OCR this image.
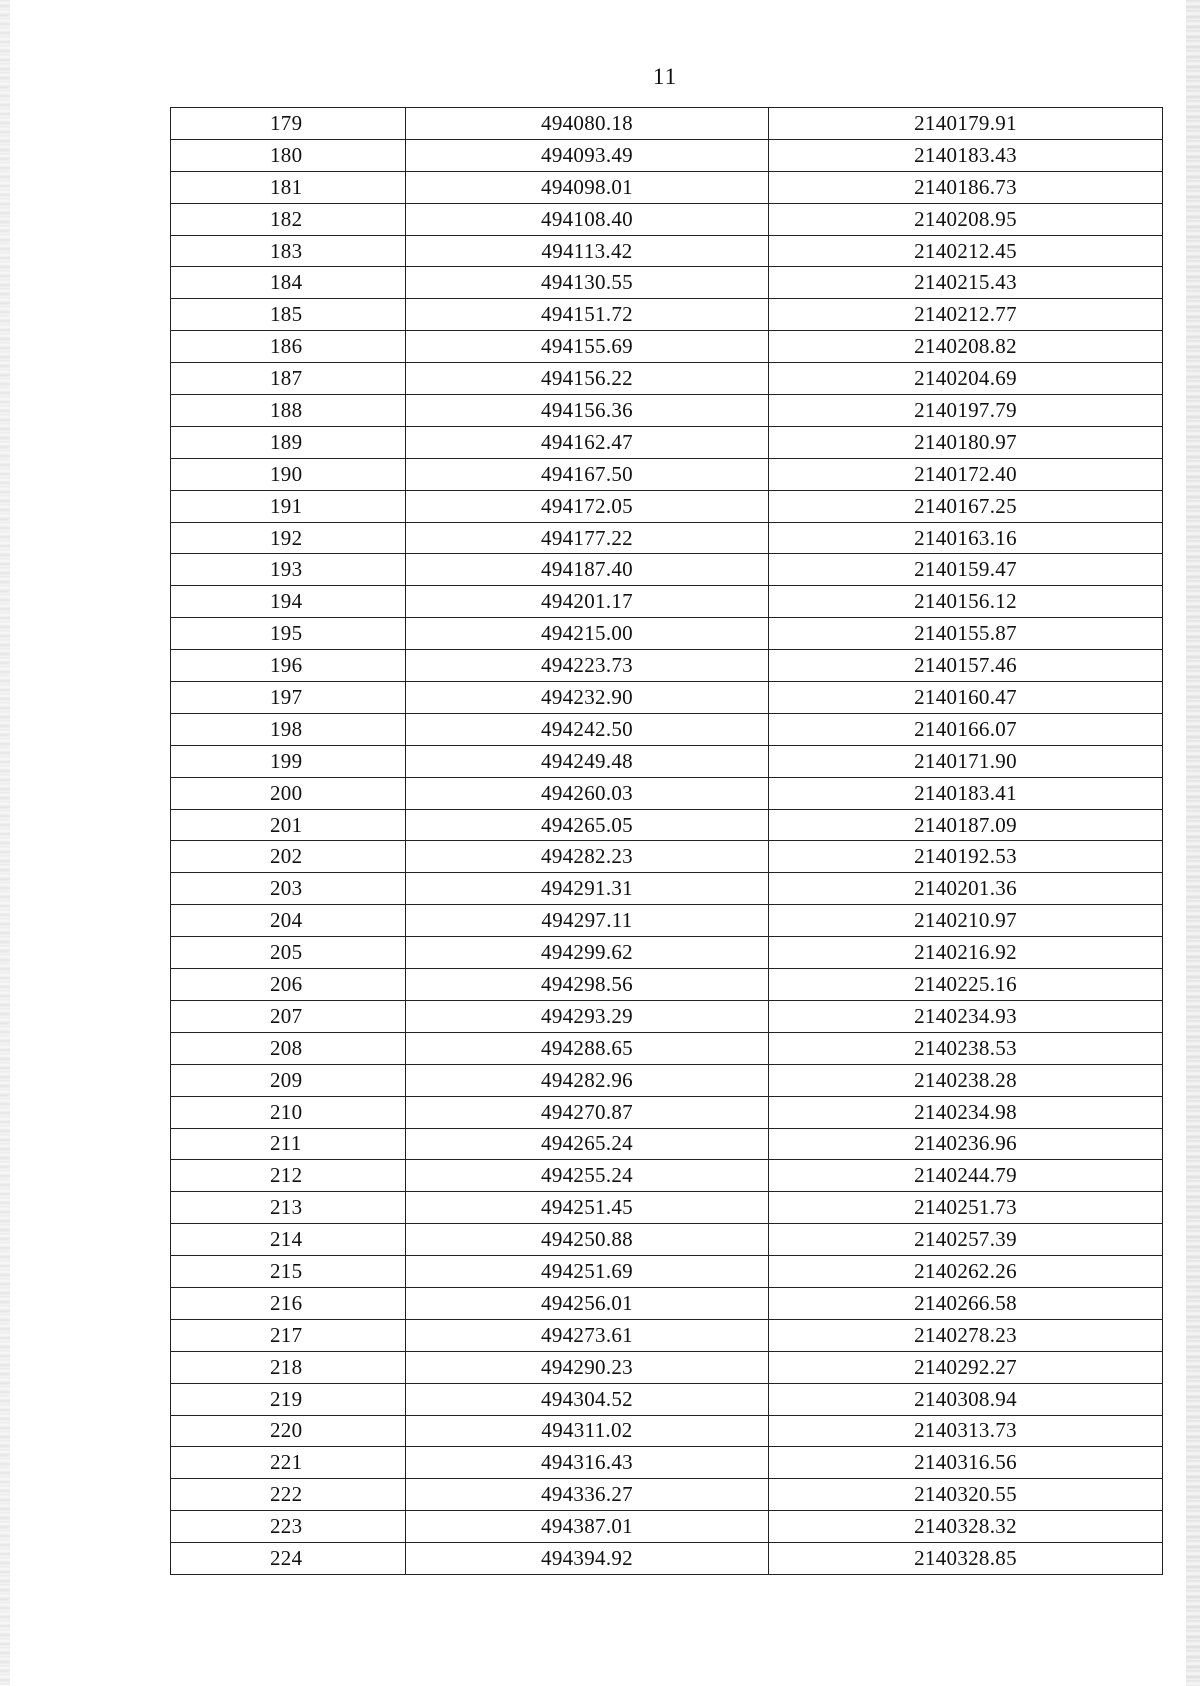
11
179	494080.18	2140179.91
180	494093.49	2140183.43
181	494098.01	2140186.73
182	494108.40	2140208.95
183	494113.42	2140212.45
184	494130.55	2140215.43
185	494151.72	2140212.77
186	494155.69	2140208.82
187	494156.22	2140204.69
188	494156.36	2140197.79
189	494162.47	2140180.97
190	494167.50	2140172.40
191	494172.05	2140167.25
192	494177.22	2140163.16
193	494187.40	2140159.47
194	494201.17	2140156.12
195	494215.00	2140155.87
196	494223.73	2140157.46
197	494232.90	2140160.47
198	494242.50	2140166.07
199	494249.48	2140171.90
200	494260.03	2140183.41
201	494265.05	2140187.09
202	494282.23	2140192.53
203	494291.31	2140201.36
204	494297.11	2140210.97
205	494299.62	2140216.92
206	494298.56	2140225.16
207	494293.29	2140234.93
208	494288.65	2140238.53
209	494282.96	2140238.28
210	494270.87	2140234.98
211	494265.24	2140236.96
212	494255.24	2140244.79
213	494251.45	2140251.73
214	494250.88	2140257.39
215	494251.69	2140262.26
216	494256.01	2140266.58
217	494273.61	2140278.23
218	494290.23	2140292.27
219	494304.52	2140308.94
220	494311.02	2140313.73
221	494316.43	2140316.56
222	494336.27	2140320.55
223	494387.01	2140328.32
224	494394.92	2140328.85
